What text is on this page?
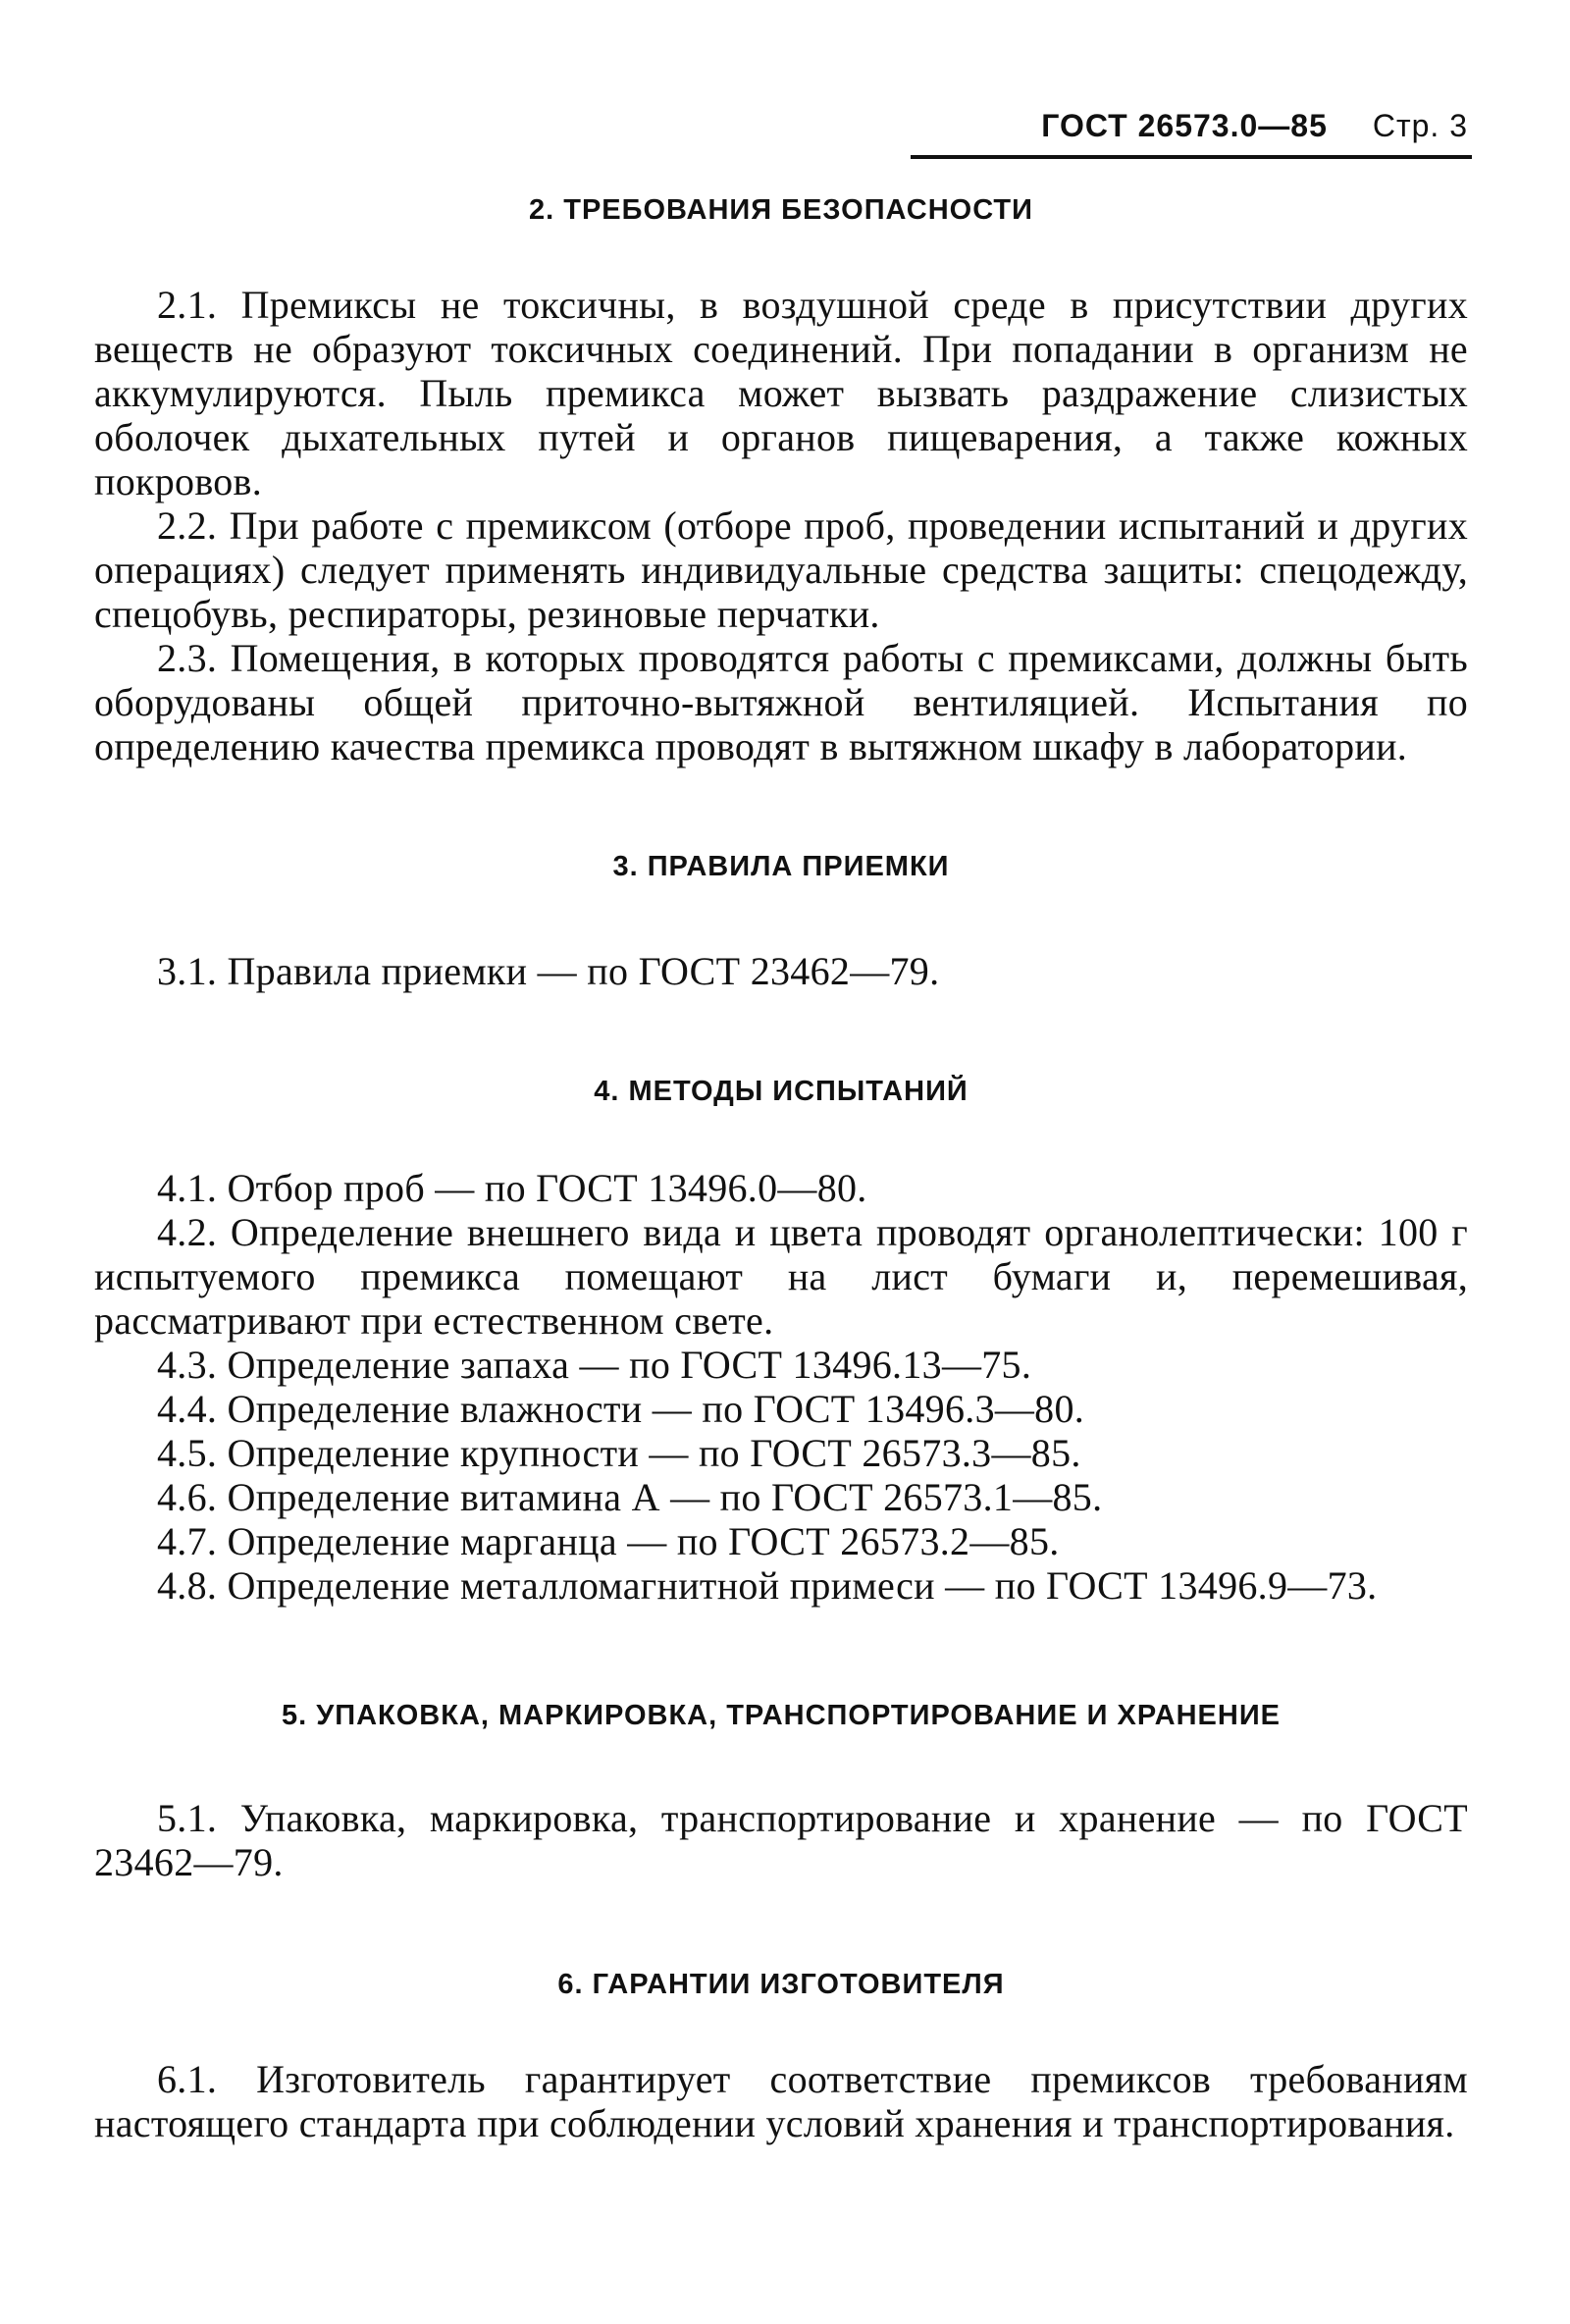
ГОСТ 26573.0—85 Стр. 3
2. ТРЕБОВАНИЯ БЕЗОПАСНОСТИ

2.1. Премиксы не токсичны, в воздушной среде в присутствии других веществ не образуют токсичных соединений. При попадании в организм не аккумулируются. Пыль премикса может вызвать раздражение слизистых оболочек дыхательных путей и органов пищеварения, а также кожных покровов.

2.2. При работе с премиксом (отборе проб, проведении испытаний и других операциях) следует применять индивидуальные средства защиты: спецодежду, спецобувь, респираторы, резиновые перчатки.

2.3. Помещения, в которых проводятся работы с премиксами, должны быть оборудованы общей приточно-вытяжной вентиляцией. Испытания по определению качества премикса проводят в вытяжном шкафу в лаборатории.

3. ПРАВИЛА ПРИЕМКИ

3.1. Правила приемки — по ГОСТ 23462—79.

4. МЕТОДЫ ИСПЫТАНИЙ

4.1. Отбор проб — по ГОСТ 13496.0—80.

4.2. Определение внешнего вида и цвета проводят органолептически: 100 г испытуемого премикса помещают на лист бумаги и, перемешивая, рассматривают при естественном свете.

4.3. Определение запаха — по ГОСТ 13496.13—75.

4.4. Определение влажности — по ГОСТ 13496.3—80.

4.5. Определение крупности — по ГОСТ 26573.3—85.

4.6. Определение витамина А — по ГОСТ 26573.1—85.

4.7. Определение марганца — по ГОСТ 26573.2—85.

4.8. Определение металломагнитной примеси — по ГОСТ 13496.9—73.

5. УПАКОВКА, МАРКИРОВКА, ТРАНСПОРТИРОВАНИЕ И ХРАНЕНИЕ

5.1. Упаковка, маркировка, транспортирование и хранение — по ГОСТ 23462—79.

6. ГАРАНТИИ ИЗГОТОВИТЕЛЯ

6.1. Изготовитель гарантирует соответствие премиксов требованиям настоящего стандарта при соблюдении условий хранения и транспортирования.
